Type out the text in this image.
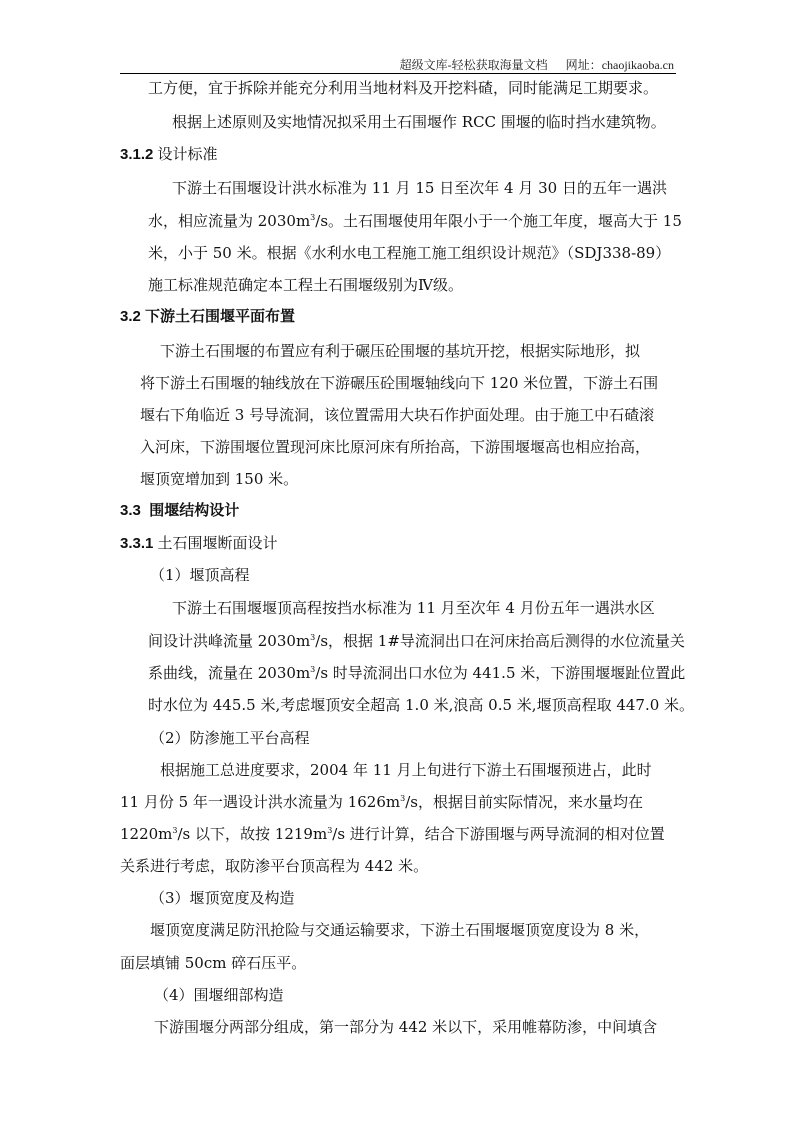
超级文库-轻松获取海量文档 网址：chaojikaoba.cn
工方便，宜于拆除并能充分利用当地材料及开挖料碴，同时能满足工期要求。
根据上述原则及实地情况拟采用土石围堰作 RCC 围堰的临时挡水建筑物。
3.1.2 设计标准
下游土石围堰设计洪水标准为 11 月 15 日至次年 4 月 30 日的五年一遇洪
水，相应流量为 $2030m^3/s$。土石围堰使用年限小于一个施工年度，堰高大于 15
米，小于 50 米。根据《水利水电工程施工施工组织设计规范》（SDJ338-89）
施工标准规范确定本工程土石围堰级别为Ⅳ级。
3.2 下游土石围堰平面布置
下游土石围堰的布置应有利于碾压砼围堰的基坑开挖，根据实际地形，拟
将下游土石围堰的轴线放在下游碾压砼围堰轴线向下 120 米位置，下游土石围
堰右下角临近 3 号导流洞，该位置需用大块石作护面处理。由于施工中石碴滚
入河床，下游围堰位置现河床比原河床有所抬高，下游围堰堰高也相应抬高，
堰顶宽增加到 150 米。
3.3 围堰结构设计
3.3.1 土石围堰断面设计
（1）堰顶高程
下游土石围堰堰顶高程按挡水标准为 11 月至次年 4 月份五年一遇洪水区
间设计洪峰流量 $2030m^3/s$，根据 1#导流洞出口在河床抬高后测得的水位流量关
系曲线，流量在 $2030m^3/s$ 时导流洞出口水位为 441.5 米，下游围堰堰趾位置此
时水位为 445.5 米,考虑堰顶安全超高 1.0 米,浪高 0.5 米,堰顶高程取 447.0 米。
（2）防渗施工平台高程
根据施工总进度要求，2004 年 11 月上旬进行下游土石围堰预进占，此时
11 月份 5 年一遇设计洪水流量为 $1626m^3/s$，根据目前实际情况，来水量均在
$1220m^3/s$ 以下，故按 $1219m^3/s$ 进行计算，结合下游围堰与两导流洞的相对位置
关系进行考虑，取防渗平台顶高程为 442 米。
（3）堰顶宽度及构造
堰顶宽度满足防汛抢险与交通运输要求，下游土石围堰堰顶宽度设为 8 米，
面层填铺 50cm 碎石压平。
（4）围堰细部构造
下游围堰分两部分组成，第一部分为 442 米以下，采用帷幕防渗，中间填含
